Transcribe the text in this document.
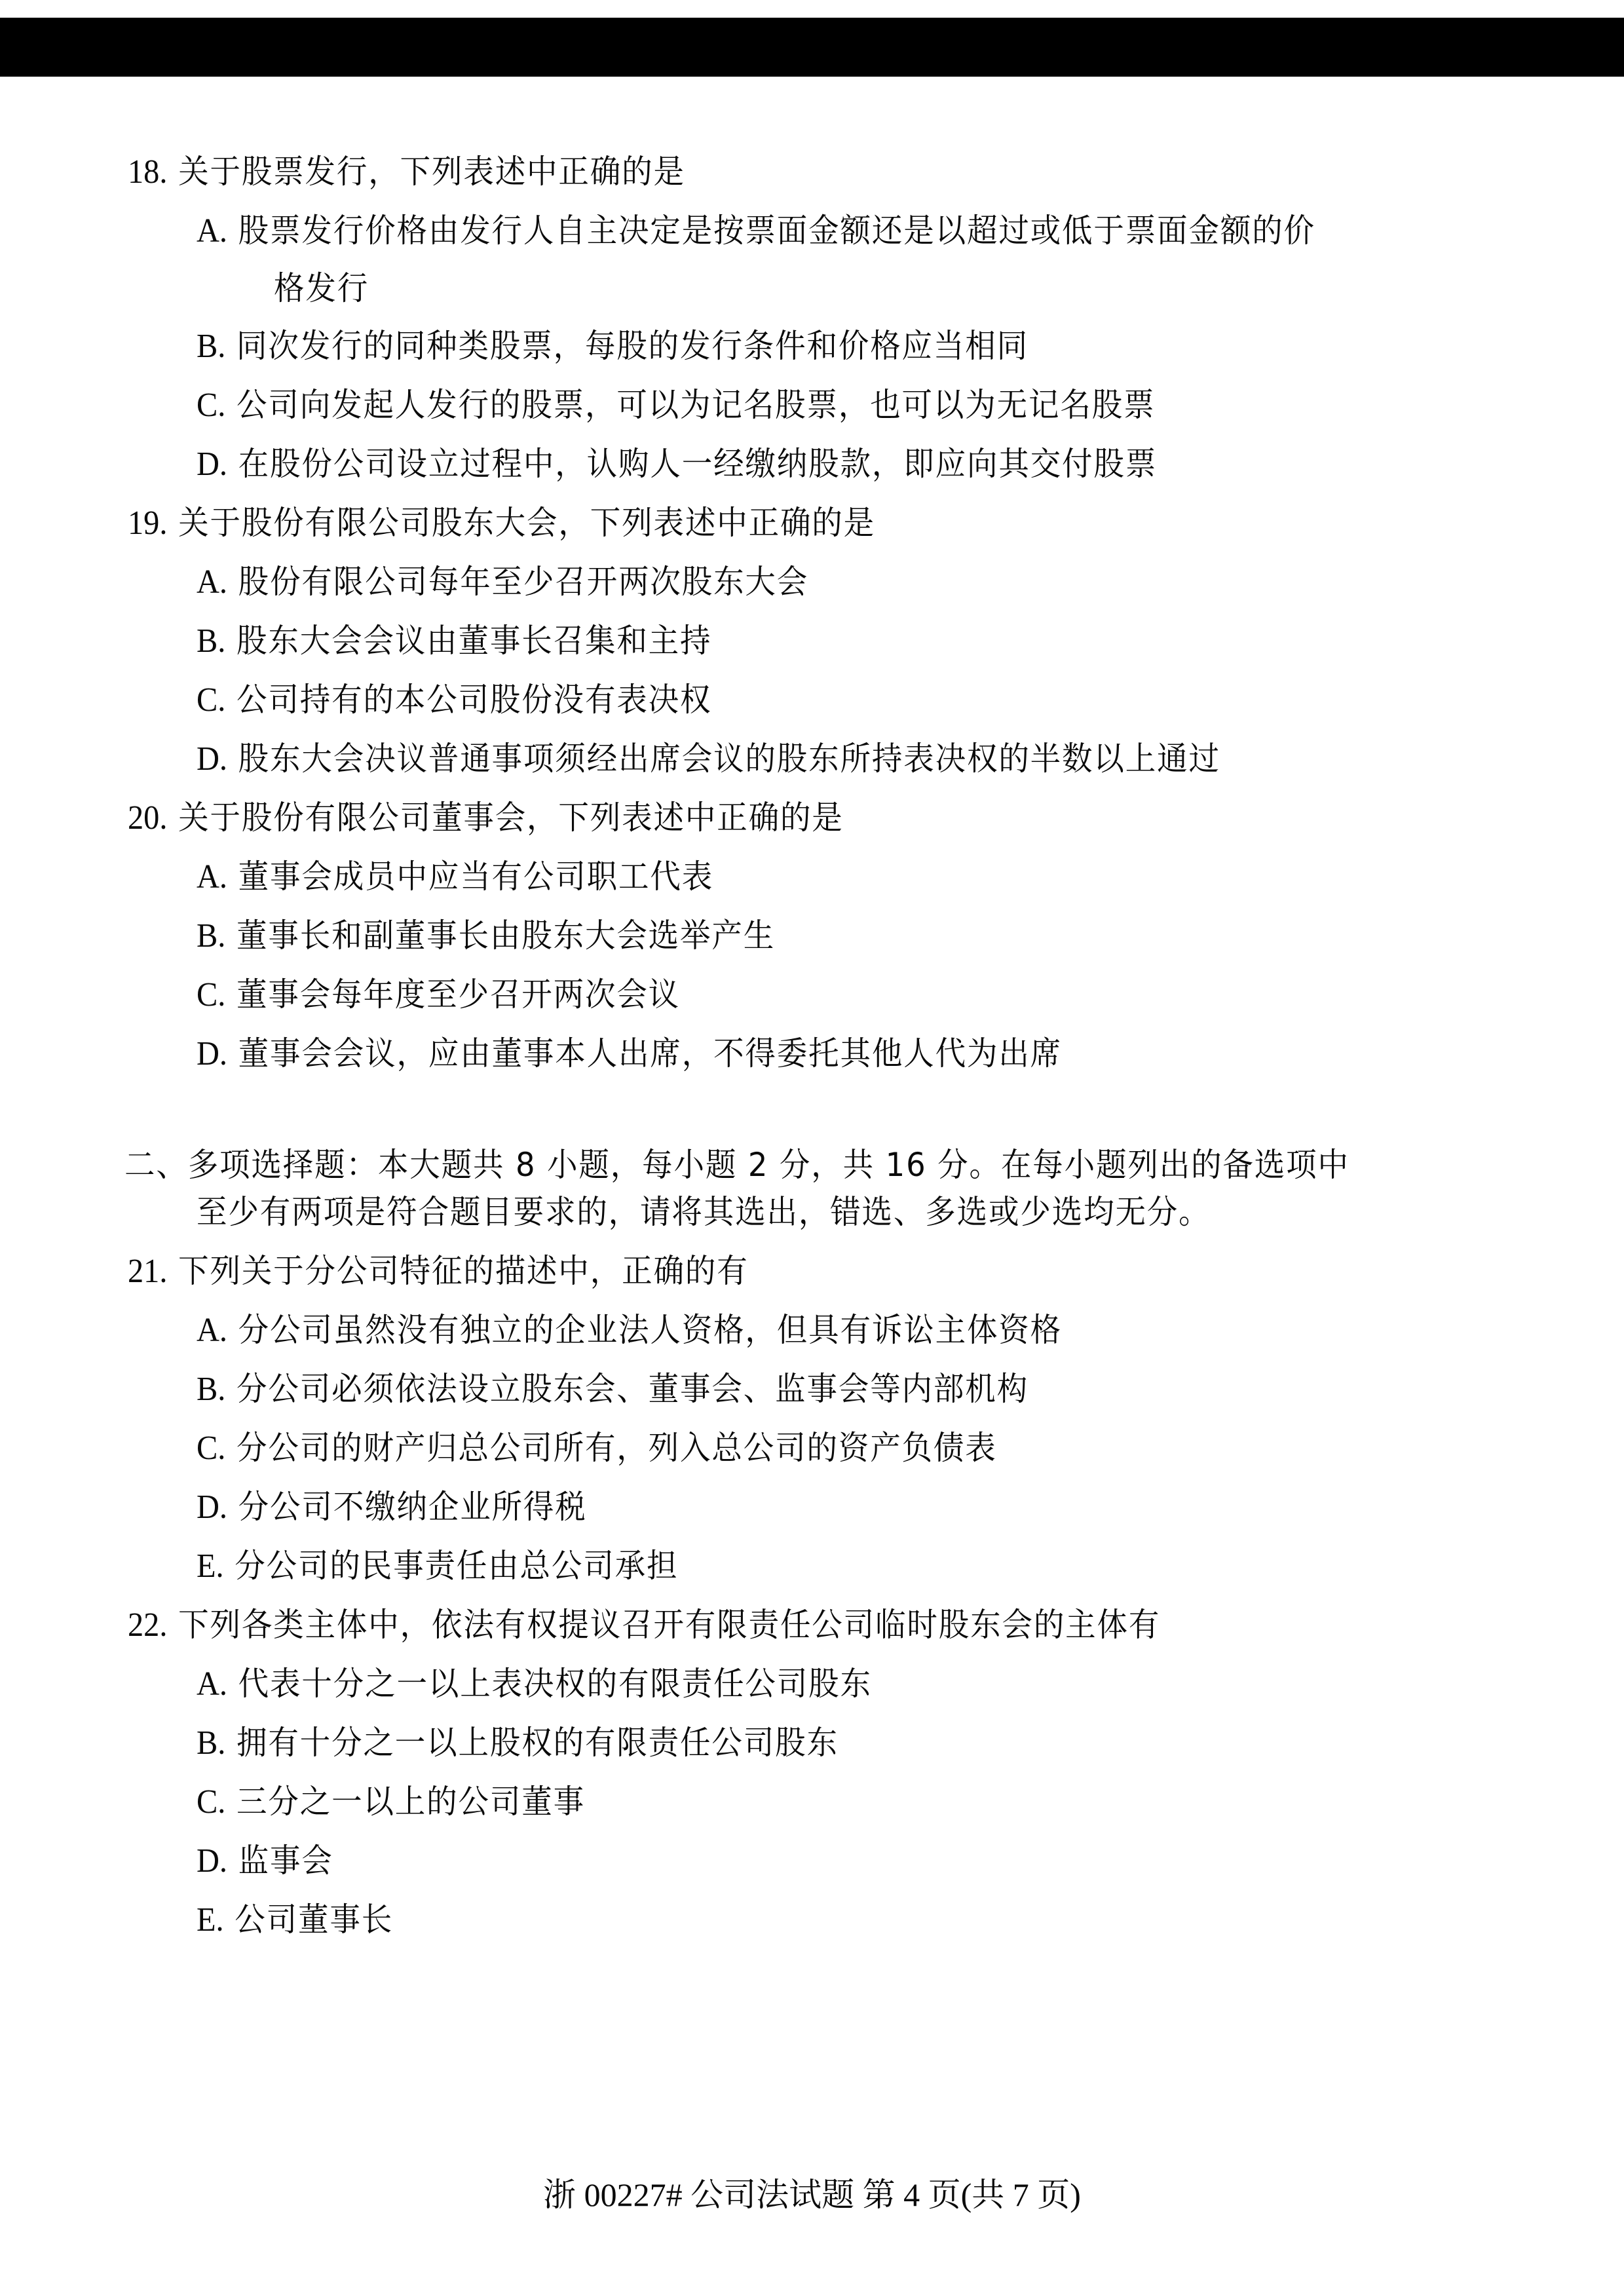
18. 关于股票发行，下列表述中正确的是
A. 股票发行价格由发行人自主决定是按票面金额还是以超过或低于票面金额的价
格发行
B. 同次发行的同种类股票，每股的发行条件和价格应当相同
C. 公司向发起人发行的股票，可以为记名股票，也可以为无记名股票
D. 在股份公司设立过程中，认购人一经缴纳股款，即应向其交付股票
19. 关于股份有限公司股东大会，下列表述中正确的是
A. 股份有限公司每年至少召开两次股东大会
B. 股东大会会议由董事长召集和主持
C. 公司持有的本公司股份没有表决权
D. 股东大会决议普通事项须经出席会议的股东所持表决权的半数以上通过
20. 关于股份有限公司董事会，下列表述中正确的是
A. 董事会成员中应当有公司职工代表
B. 董事长和副董事长由股东大会选举产生
C. 董事会每年度至少召开两次会议
D. 董事会会议，应由董事本人出席，不得委托其他人代为出席
二、多项选择题：本大题共 8 小题，每小题 2 分，共 16 分。在每小题列出的备选项中
至少有两项是符合题目要求的，请将其选出，错选、多选或少选均无分。
21. 下列关于分公司特征的描述中，正确的有
A. 分公司虽然没有独立的企业法人资格，但具有诉讼主体资格
B. 分公司必须依法设立股东会、董事会、监事会等内部机构
C. 分公司的财产归总公司所有，列入总公司的资产负债表
D. 分公司不缴纳企业所得税
E. 分公司的民事责任由总公司承担
22. 下列各类主体中，依法有权提议召开有限责任公司临时股东会的主体有
A. 代表十分之一以上表决权的有限责任公司股东
B. 拥有十分之一以上股权的有限责任公司股东
C. 三分之一以上的公司董事
D. 监事会
E. 公司董事长
浙 00227# 公司法试题 第 4 页(共 7 页)
